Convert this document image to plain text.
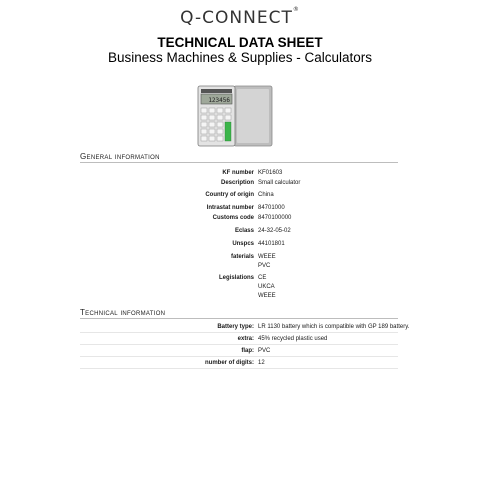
Q-CONNECT®
TECHNICAL DATA SHEET
Business Machines & Supplies - Calculators
123456
General information
KF number KF01603
Description Small calculator
Country of origin China
Intrastat number 84701000
Customs code 8470100000
Eclass 24-32-05-02
Unspcs 44101801
faterials WEEE
PVC
Legislations CE
UKCA
WEEE
Technical information
Battery type: LR 1130 battery which is compatible with GP 189 battery.
extra: 45% recycled plastic used
flap: PVC
number of digits: 12
